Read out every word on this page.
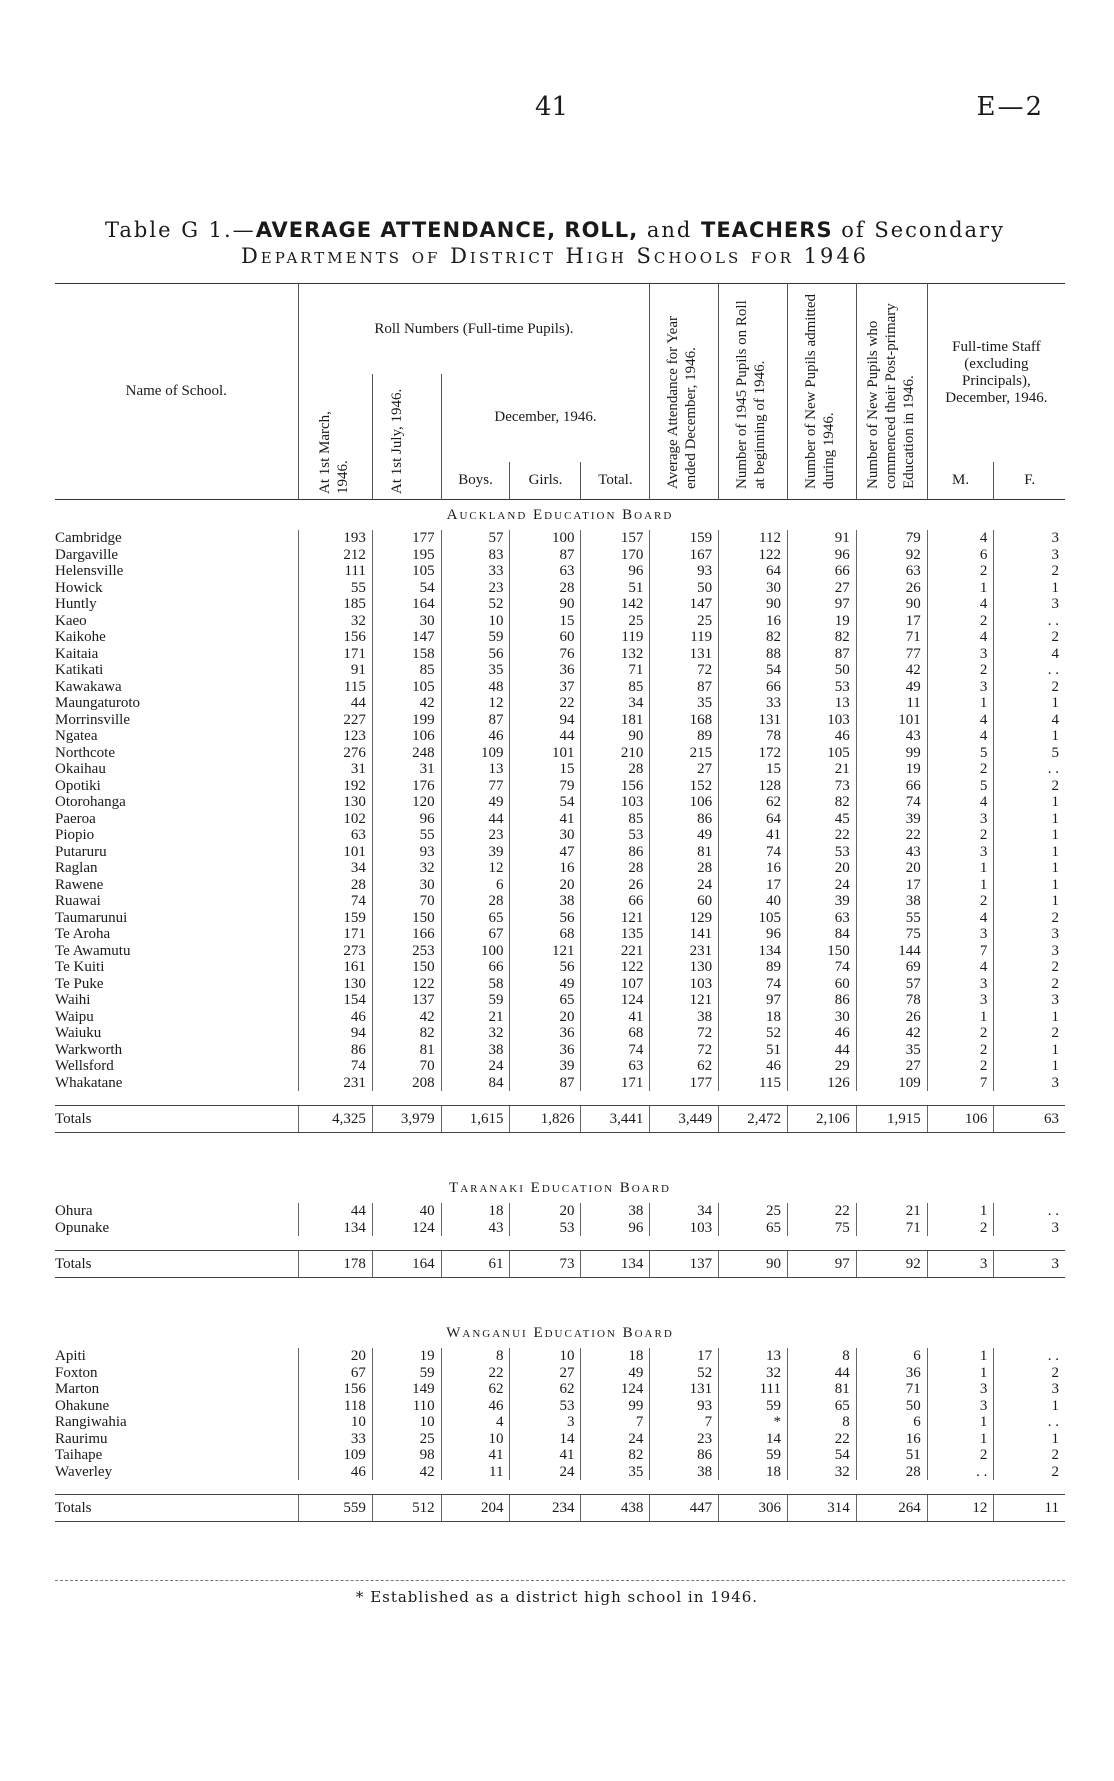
41	E—2
Table G 1.—AVERAGE ATTENDANCE, ROLL, and TEACHERS of Secondary
Departments of District High Schools for 1946
Name of School.	Roll Numbers (Full-time Pupils).					Average Attendance for Year ended December, 1946.	Number of 1945 Pupils on Roll at beginning of 1946.	Number of New Pupils admitted during 1946.	Number of New Pupils who commenced their Post-primary Education in 1946.	Full-time Staff (excluding Principals), December, 1946.	
	At 1st March, 1946.	At 1st July, 1946.	December, 1946.								
			Boys.	Girls.	Total.					M.	F.
Auckland Education Board											
Cambridge	193	177	57	100	157	159	112	91	79	4	3
Dargaville	212	195	83	87	170	167	122	96	92	6	3
Helensville	111	105	33	63	96	93	64	66	63	2	2
Howick	55	54	23	28	51	50	30	27	26	1	1
Huntly	185	164	52	90	142	147	90	97	90	4	3
Kaeo	32	30	10	15	25	25	16	19	17	2	. .
Kaikohe	156	147	59	60	119	119	82	82	71	4	2
Kaitaia	171	158	56	76	132	131	88	87	77	3	4
Katikati	91	85	35	36	71	72	54	50	42	2	. .
Kawakawa	115	105	48	37	85	87	66	53	49	3	2
Maungaturoto	44	42	12	22	34	35	33	13	11	1	1
Morrinsville	227	199	87	94	181	168	131	103	101	4	4
Ngatea	123	106	46	44	90	89	78	46	43	4	1
Northcote	276	248	109	101	210	215	172	105	99	5	5
Okaihau	31	31	13	15	28	27	15	21	19	2	. .
Opotiki	192	176	77	79	156	152	128	73	66	5	2
Otorohanga	130	120	49	54	103	106	62	82	74	4	1
Paeroa	102	96	44	41	85	86	64	45	39	3	1
Piopio	63	55	23	30	53	49	41	22	22	2	1
Putaruru	101	93	39	47	86	81	74	53	43	3	1
Raglan	34	32	12	16	28	28	16	20	20	1	1
Rawene	28	30	6	20	26	24	17	24	17	1	1
Ruawai	74	70	28	38	66	60	40	39	38	2	1
Taumarunui	159	150	65	56	121	129	105	63	55	4	2
Te Aroha	171	166	67	68	135	141	96	84	75	3	3
Te Awamutu	273	253	100	121	221	231	134	150	144	7	3
Te Kuiti	161	150	66	56	122	130	89	74	69	4	2
Te Puke	130	122	58	49	107	103	74	60	57	3	2
Waihi	154	137	59	65	124	121	97	86	78	3	3
Waipu	46	42	21	20	41	38	18	30	26	1	1
Waiuku	94	82	32	36	68	72	52	46	42	2	2
Warkworth	86	81	38	36	74	72	51	44	35	2	1
Wellsford	74	70	24	39	63	62	46	29	27	2	1
Whakatane	231	208	84	87	171	177	115	126	109	7	3

Totals	4,325	3,979	1,615	1,826	3,441	3,449	2,472	2,106	1,915	106	63

Taranaki Education Board											
Ohura	44	40	18	20	38	34	25	22	21	1	. .
Opunake	134	124	43	53	96	103	65	75	71	2	3

Totals	178	164	61	73	134	137	90	97	92	3	3

Wanganui Education Board											
Apiti	20	19	8	10	18	17	13	8	6	1	. .
Foxton	67	59	22	27	49	52	32	44	36	1	2
Marton	156	149	62	62	124	131	111	81	71	3	3
Ohakune	118	110	46	53	99	93	59	65	50	3	1
Rangiwahia	10	10	4	3	7	7	*	8	6	1	. .
Raurimu	33	25	10	14	24	23	14	22	16	1	1
Taihape	109	98	41	41	82	86	59	54	51	2	2
Waverley	46	42	11	24	35	38	18	32	28	. .	2

Totals	559	512	204	234	438	447	306	314	264	12	11
* Established as a district high school in 1946.
